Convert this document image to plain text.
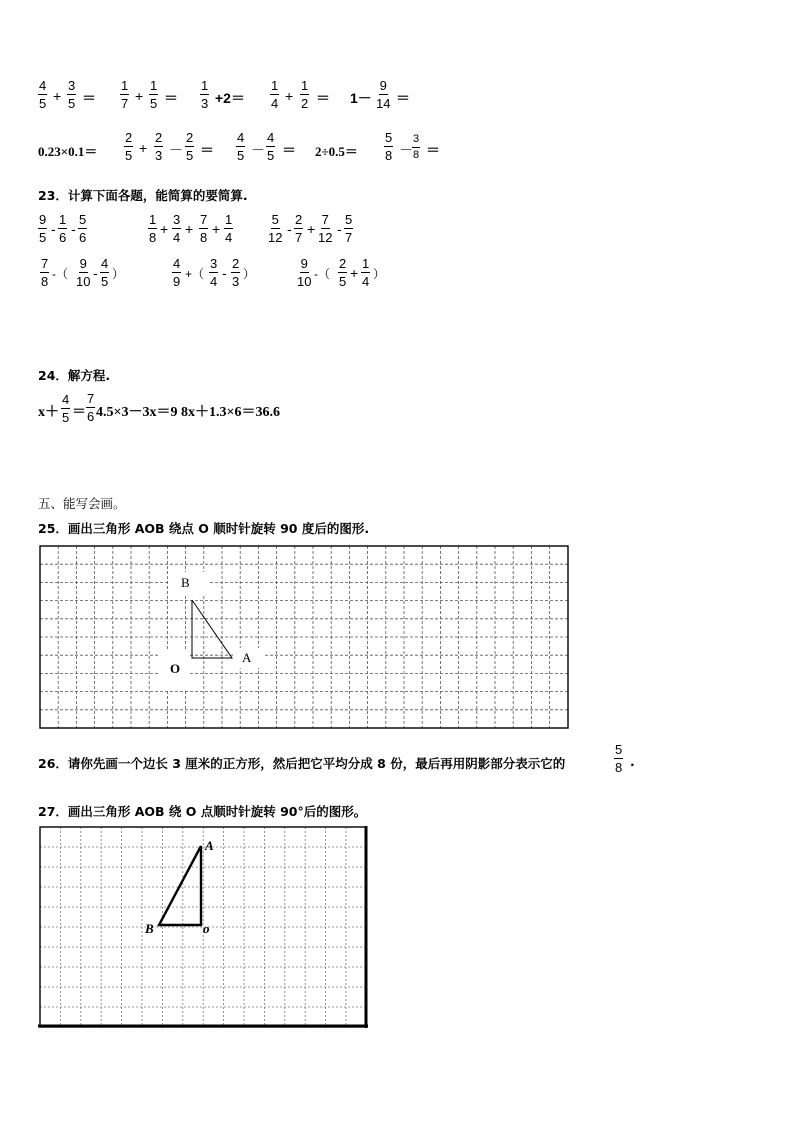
$\frac{4}{5} + \frac{3}{5} = \frac{1}{7} + \frac{1}{5} = \frac{1}{3} +2= \frac{1}{4} + \frac{1}{2} = 1- \frac{9}{14}$ ＝
$0.23\times 0.1= \frac{2}{5} + \frac{2}{3} - \frac{2}{5} = \frac{4}{5} - \frac{4}{5} = 2\div 0.5= \frac{5}{8} - \frac{3}{8}$ ＝
23．计算下面各题，能简算的要简算.
$\frac{9}{5} - \frac{1}{6} - \frac{5}{6}$	$\frac{1}{8} + \frac{3}{4} + \frac{7}{8} + \frac{1}{4}$	$\frac{5}{12} - \frac{2}{7} + \frac{7}{12} - \frac{5}{7}$
$\frac{7}{8}$ -（ $\frac{9}{10} - \frac{4}{5}$ ）	$\frac{4}{9}$ +（ $\frac{3}{4} - \frac{2}{3}$ ）	$\frac{9}{10}$ -（ $\frac{2}{5} + \frac{1}{4}$ ）
24．解方程.
$x+ \frac{4}{5} = \frac{7}{6} 4.5\times 3-3x=9$ 8x＋1.3×6＝36.6
五、能写会画。
25．画出三角形 AOB 绕点 O 顺时针旋转 90 度后的图形.
B
A
O
26．请你先画一个边长 3 厘米的正方形，然后把它平均分成 8 份，最后再用阴影部分表示它的	$\frac{5}{8}$ .
27．画出三角形 AOB 绕 O 点顺时针旋转 90°后的图形。
A
B	o
